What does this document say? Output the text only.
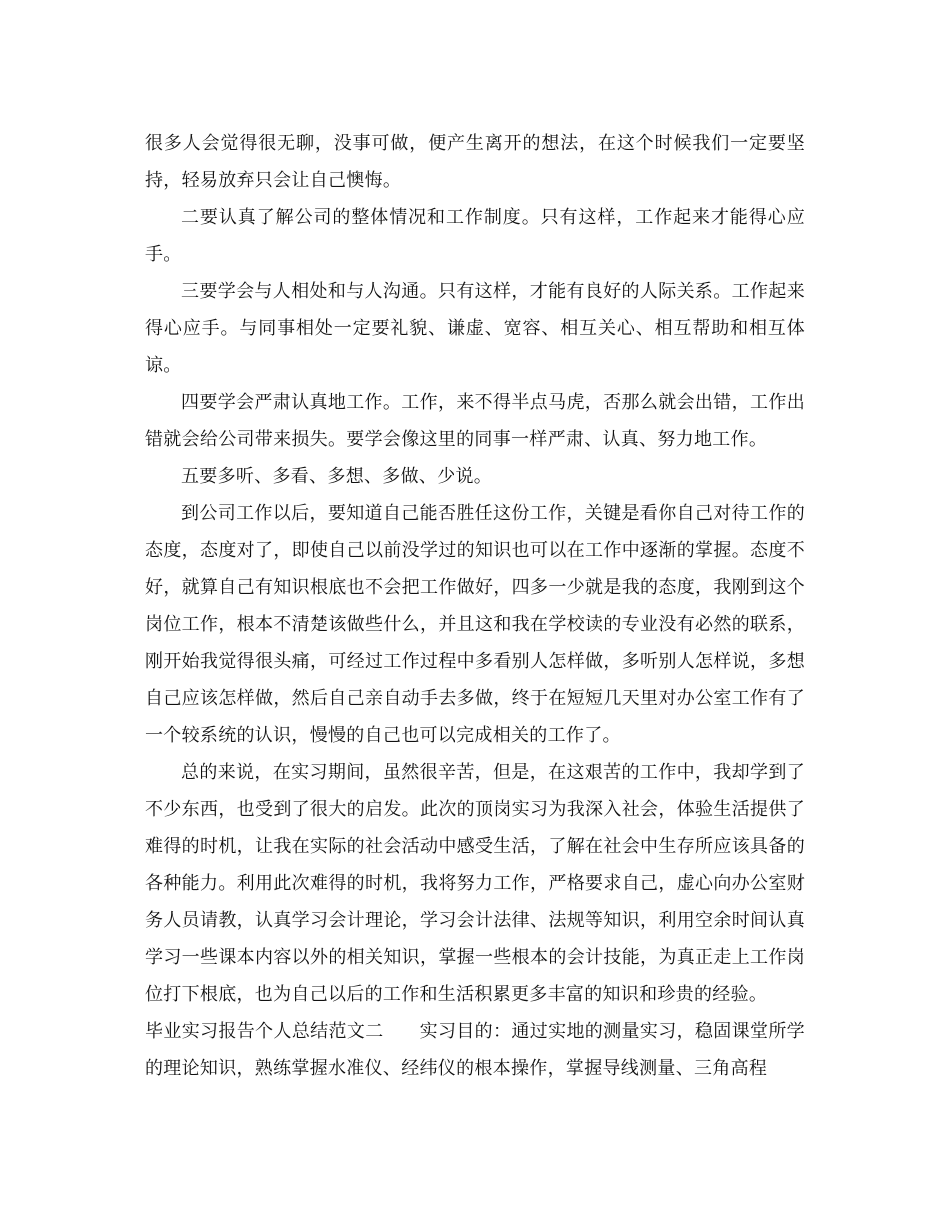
很多人会觉得很无聊，没事可做，便产生离开的想法，在这个时候我们一定要坚持，轻易放弃只会让自己懊悔。

二要认真了解公司的整体情况和工作制度。只有这样，工作起来才能得心应手。

三要学会与人相处和与人沟通。只有这样，才能有良好的人际关系。工作起来得心应手。与同事相处一定要礼貌、谦虚、宽容、相互关心、相互帮助和相互体谅。

四要学会严肃认真地工作。工作，来不得半点马虎，否那么就会出错，工作出错就会给公司带来损失。要学会像这里的同事一样严肃、认真、努力地工作。

五要多听、多看、多想、多做、少说。

到公司工作以后，要知道自己能否胜任这份工作，关键是看你自己对待工作的态度，态度对了，即使自己以前没学过的知识也可以在工作中逐渐的掌握。态度不好，就算自己有知识根底也不会把工作做好，四多一少就是我的态度，我刚到这个岗位工作，根本不清楚该做些什么，并且这和我在学校读的专业没有必然的联系，刚开始我觉得很头痛，可经过工作过程中多看别人怎样做，多听别人怎样说，多想自己应该怎样做，然后自己亲自动手去多做，终于在短短几天里对办公室工作有了一个较系统的认识，慢慢的自己也可以完成相关的工作了。

总的来说，在实习期间，虽然很辛苦，但是，在这艰苦的工作中，我却学到了不少东西，也受到了很大的启发。此次的顶岗实习为我深入社会，体验生活提供了难得的时机，让我在实际的社会活动中感受生活，了解在社会中生存所应该具备的各种能力。利用此次难得的时机，我将努力工作，严格要求自己，虚心向办公室财务人员请教，认真学习会计理论，学习会计法律、法规等知识，利用空余时间认真学习一些课本内容以外的相关知识，掌握一些根本的会计技能，为真正走上工作岗位打下根底，也为自己以后的工作和生活积累更多丰富的知识和珍贵的经验。

毕业实习报告个人总结范文二 实习目的：通过实地的测量实习，稳固课堂所学的理论知识，熟练掌握水准仪、经纬仪的根本操作，掌握导线测量、三角高程
